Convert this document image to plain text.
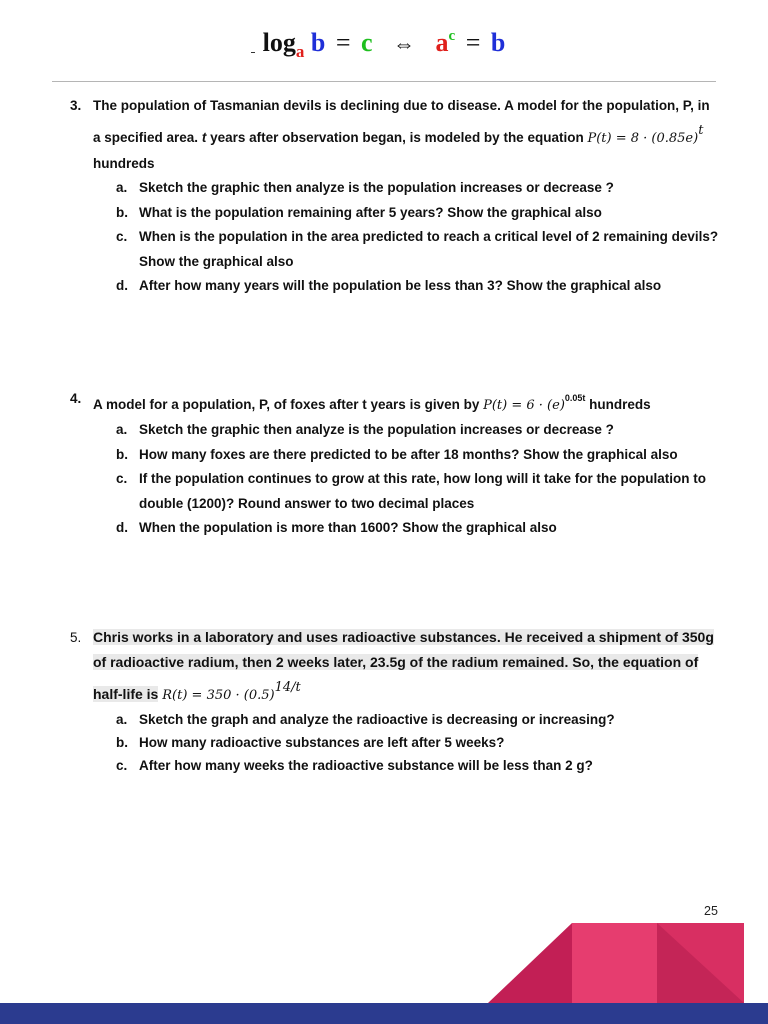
$\log_a b = c$ ⇔ $a^c = b$
3. The population of Tasmanian devils is declining due to disease. A model for the population, P, in a specified area. t years after observation began, is modeled by the equation $P(t) = 8 \cdot (0.85e)^t$ hundreds
a. Sketch the graphic then analyze is the population increases or decrease ?
b. What is the population remaining after 5 years? Show the graphical also
c. When is the population in the area predicted to reach a critical level of 2 remaining devils? Show the graphical also
d. After how many years will the population be less than 3? Show the graphical also
4. A model for a population, P, of foxes after t years is given by $P(t) = 6 \cdot (e)^{0.05t}$ hundreds
a. Sketch the graphic then analyze is the population increases or decrease ?
b. How many foxes are there predicted to be after 18 months? Show the graphical also
c. If the population continues to grow at this rate, how long will it take for the population to double (1200)? Round answer to two decimal places
d. When the population is more than 1600? Show the graphical also
5. Chris works in a laboratory and uses radioactive substances. He received a shipment of 350g of radioactive radium, then 2 weeks later, 23.5g of the radium remained. So, the equation of half-life is $R(t) = 350 \cdot (0.5)^{14/t}$
a. Sketch the graph and analyze the radioactive is decreasing or increasing?
b. How many radioactive substances are left after 5 weeks?
c. After how many weeks the radioactive substance will be less than 2 g?
25
